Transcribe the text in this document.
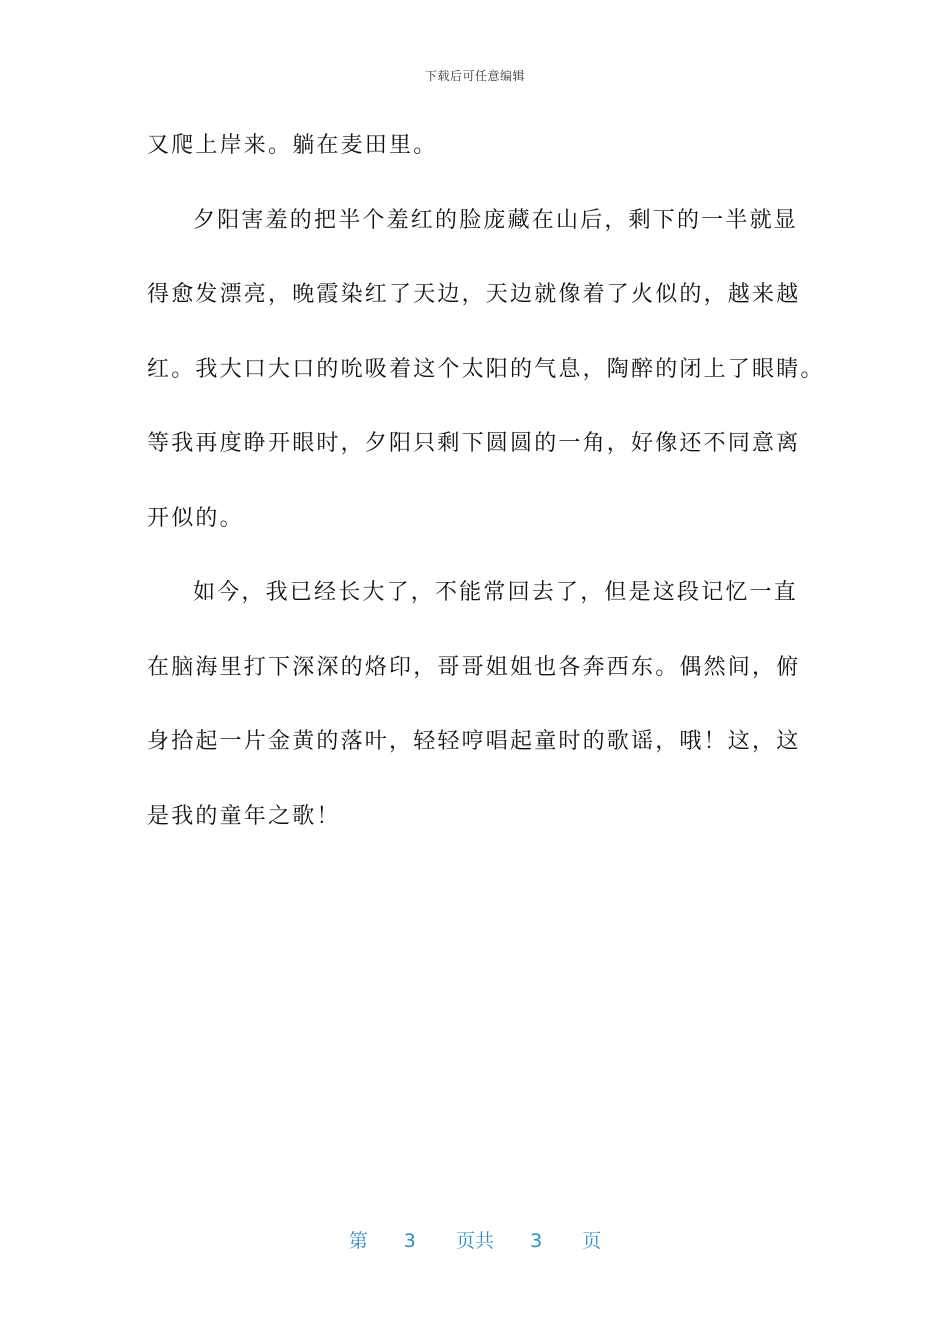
下载后可任意编辑
又爬上岸来。躺在麦田里。
夕阳害羞的把半个羞红的脸庞藏在山后，剩下的一半就显
得愈发漂亮，晚霞染红了天边，天边就像着了火似的，越来越
红。我大口大口的吮吸着这个太阳的气息，陶醉的闭上了眼睛。
等我再度睁开眼时，夕阳只剩下圆圆的一角，好像还不同意离
开似的。
如今，我已经长大了，不能常回去了，但是这段记忆一直
在脑海里打下深深的烙印，哥哥姐姐也各奔西东。偶然间，俯
身拾起一片金黄的落叶，轻轻哼唱起童时的歌谣，哦！这，这
是我的童年之歌！
第 3 页共 3 页
